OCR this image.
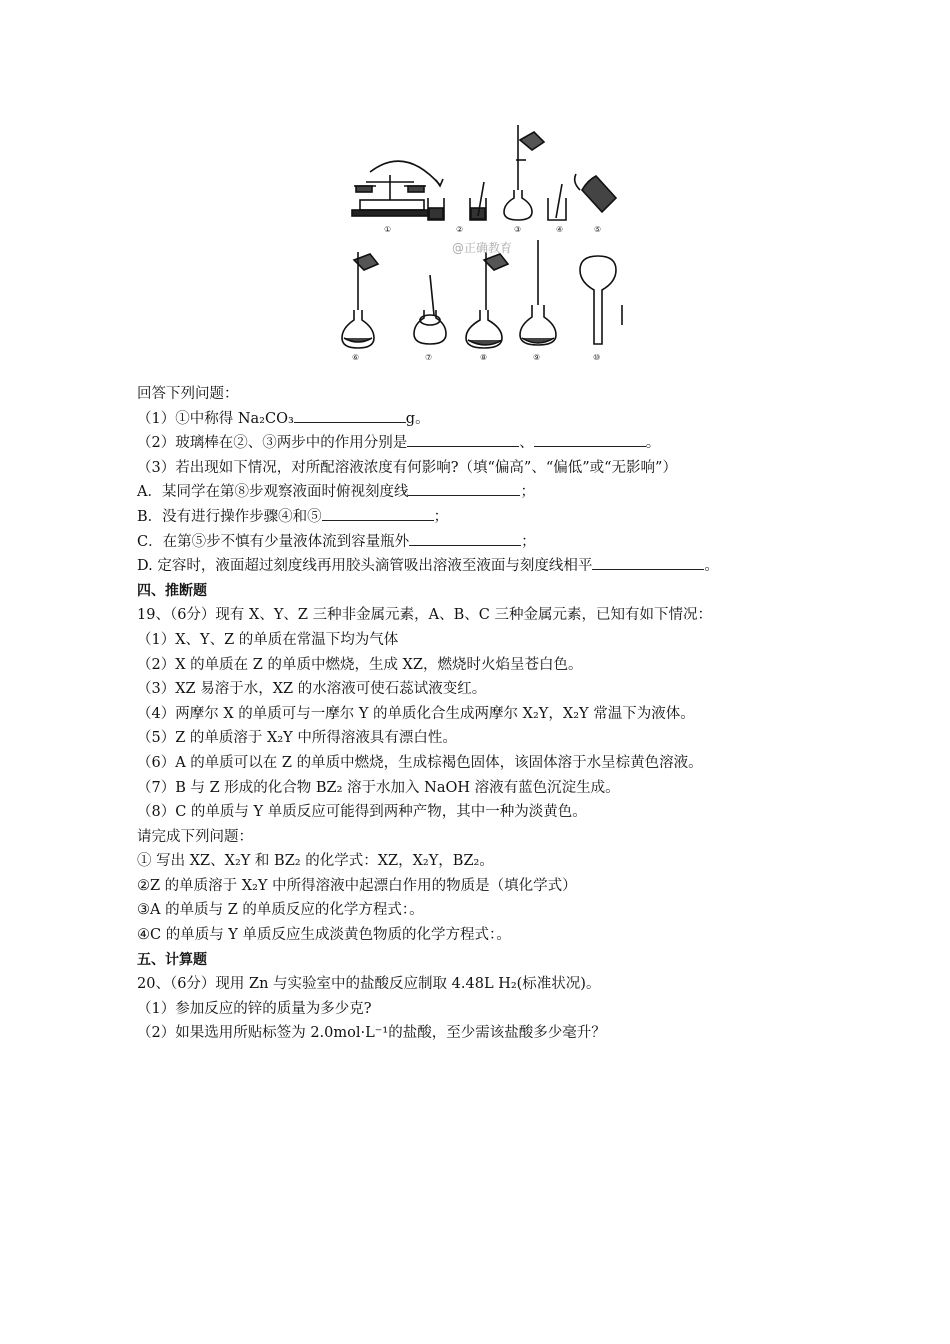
@正确教育
①	②	③	④	⑤
⑥	⑦	⑧	⑨	⑩
回答下列问题：
（1）①中称得 Na₂CO₃	g。
（2）玻璃棒在②、③两步中的作用分别是	、	。
（3）若出现如下情况，对所配溶液浓度有何影响?（填“偏高”、“偏低”或“无影响”）
A．某同学在第⑧步观察液面时俯视刻度线	；
B．没有进行操作步骤④和⑤	；
C．在第⑤步不慎有少量液体流到容量瓶外	；
D. 定容时，液面超过刻度线再用胶头滴管吸出溶液至液面与刻度线相平	。
四、推断题
19、（6分）现有 X、Y、Z 三种非金属元素，A、B、C 三种金属元素，已知有如下情况：
（1）X、Y、Z 的单质在常温下均为气体
（2）X 的单质在 Z 的单质中燃烧，生成 XZ，燃烧时火焰呈苍白色。
（3）XZ 易溶于水，XZ 的水溶液可使石蕊试液变红。
（4）两摩尔 X 的单质可与一摩尔 Y 的单质化合生成两摩尔 X₂Y，X₂Y 常温下为液体。
（5）Z 的单质溶于 X₂Y 中所得溶液具有漂白性。
（6）A 的单质可以在 Z 的单质中燃烧，生成棕褐色固体，该固体溶于水呈棕黄色溶液。
（7）B 与 Z 形成的化合物 BZ₂ 溶于水加入 NaOH 溶液有蓝色沉淀生成。
（8）C 的单质与 Y 单质反应可能得到两种产物，其中一种为淡黄色。
请完成下列问题：
① 写出 XZ、X₂Y 和 BZ₂ 的化学式：XZ，X₂Y，BZ₂。
②Z 的单质溶于 X₂Y 中所得溶液中起漂白作用的物质是（填化学式）
③A 的单质与 Z 的单质反应的化学方程式：。
④C 的单质与 Y 单质反应生成淡黄色物质的化学方程式：。
五、计算题
20、（6分）现用 Zn 与实验室中的盐酸反应制取 4.48L H₂(标准状况)。
（1）参加反应的锌的质量为多少克?
（2）如果选用所贴标签为 2.0mol·L⁻¹的盐酸，至少需该盐酸多少毫升？
